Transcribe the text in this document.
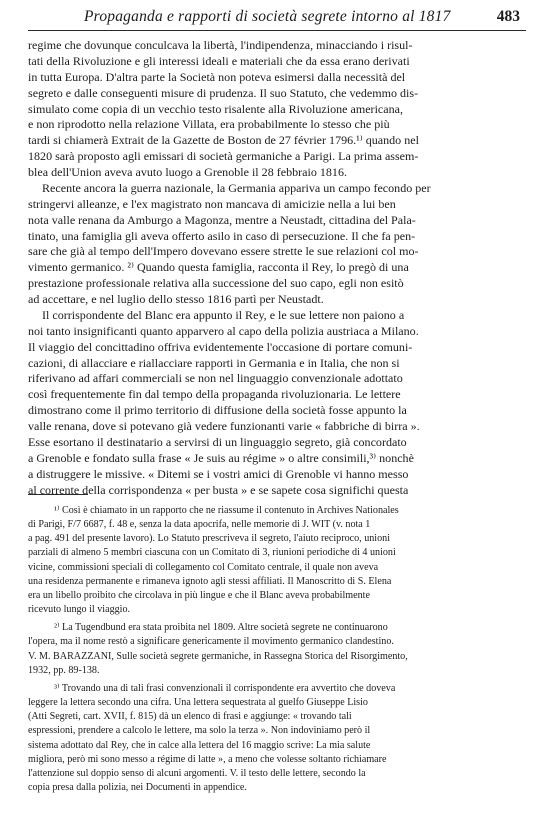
Propaganda e rapporti di società segrete intorno al 1817	483
regime che dovunque conculcava la libertà, l'indipendenza, minacciando i risul-
tati della Rivoluzione e gli interessi ideali e materiali che da essa erano derivati
in tutta Europa. D'altra parte la Società non poteva esimersi dalla necessità del
segreto e dalle conseguenti misure di prudenza. Il suo Statuto, che vedemmo dis-
simulato come copia di un vecchio testo risalente alla Rivoluzione americana,
e non riprodotto nella relazione Villata, era probabilmente lo stesso che più
tardi si chiamerà Extrait de la Gazette de Boston de 27 février 1796.¹⁾ quando nel
1820 sarà proposto agli emissari di società germaniche a Parigi. La prima assem-
blea dell'Union aveva avuto luogo a Grenoble il 28 febbraio 1816.
Recente ancora la guerra nazionale, la Germania appariva un campo fecondo per
stringervi alleanze, e l'ex magistrato non mancava di amicizie nella a lui ben
nota valle renana da Amburgo a Magonza, mentre a Neustadt, cittadina del Pala-
tinato, una famiglia gli aveva offerto asilo in caso di persecuzione. Il che fa pen-
sare che già al tempo dell'Impero dovevano essere strette le sue relazioni col mo-
vimento germanico. ²⁾ Quando questa famiglia, racconta il Rey, lo pregò di una
prestazione professionale relativa alla successione del suo capo, egli non esitò
ad accettare, e nel luglio dello stesso 1816 partì per Neustadt.
Il corrispondente del Blanc era appunto il Rey, e le sue lettere non paiono a
noi tanto insignificanti quanto apparvero al capo della polizia austriaca a Milano.
Il viaggio del concittadino offriva evidentemente l'occasione di portare comuni-
cazioni, di allacciare e riallacciare rapporti in Germania e in Italia, che non si
riferivano ad affari commerciali se non nel linguaggio convenzionale adottato
così frequentemente fin dal tempo della propaganda rivoluzionaria. Le lettere
dimostrano come il primo territorio di diffusione della società fosse appunto la
valle renana, dove si potevano già vedere funzionanti varie « fabbriche di birra ».
Esse esortano il destinatario a servirsi di un linguaggio segreto, già concordato
a Grenoble e fondato sulla frase « Je suis au régime » o altre consimili,³⁾ nonchè
a distruggere le missive. « Ditemi se i vostri amici di Grenoble vi hanno messo
al corrente della corrispondenza « per busta » e se sapete cosa significhi questa
¹⁾ Così è chiamato in un rapporto che ne riassume il contenuto in Archives Nationales
di Parigi, F/7 6687, f. 48 e, senza la data apocrifa, nelle memorie di J. WIT (v. nota 1
a pag. 491 del presente lavoro). Lo Statuto prescriveva il segreto, l'aiuto reciproco, unioni
parziali di almeno 5 membri ciascuna con un Comitato di 3, riunioni periodiche di 4 unioni
vicine, commissioni speciali di collegamento col Comitato centrale, il quale non aveva
una residenza permanente e rimaneva ignoto agli stessi affiliati. Il Manoscritto di S. Elena
era un libello proibito che circolava in più lingue e che il Blanc aveva probabilmente
ricevuto lungo il viaggio.
²⁾ La Tugendbund era stata proibita nel 1809. Altre società segrete ne continuarono
l'opera, ma il nome restò a significare genericamente il movimento germanico clandestino.
V. M. BARAZZANI, Sulle società segrete germaniche, in Rassegna Storica del Risorgimento,
1932, pp. 89-138.
³⁾ Trovando una di tali frasi convenzionali il corrispondente era avvertito che doveva
leggere la lettera secondo una cifra. Una lettera sequestrata al guelfo Giuseppe Lisio
(Atti Segreti, cart. XVII, f. 815) dà un elenco di frasi e aggiunge: « trovando tali
espressioni, prendere a calcolo le lettere, ma solo la terza ». Non indoviniamo però il
sistema adottato dal Rey, che in calce alla lettera del 16 maggio scrive: La mia salute
migliora, però mi sono messo a régime di latte », a meno che volesse soltanto richiamare
l'attenzione sul doppio senso di alcuni argomenti. V. il testo delle lettere, secondo la
copia presa dalla polizia, nei Documenti in appendice.
